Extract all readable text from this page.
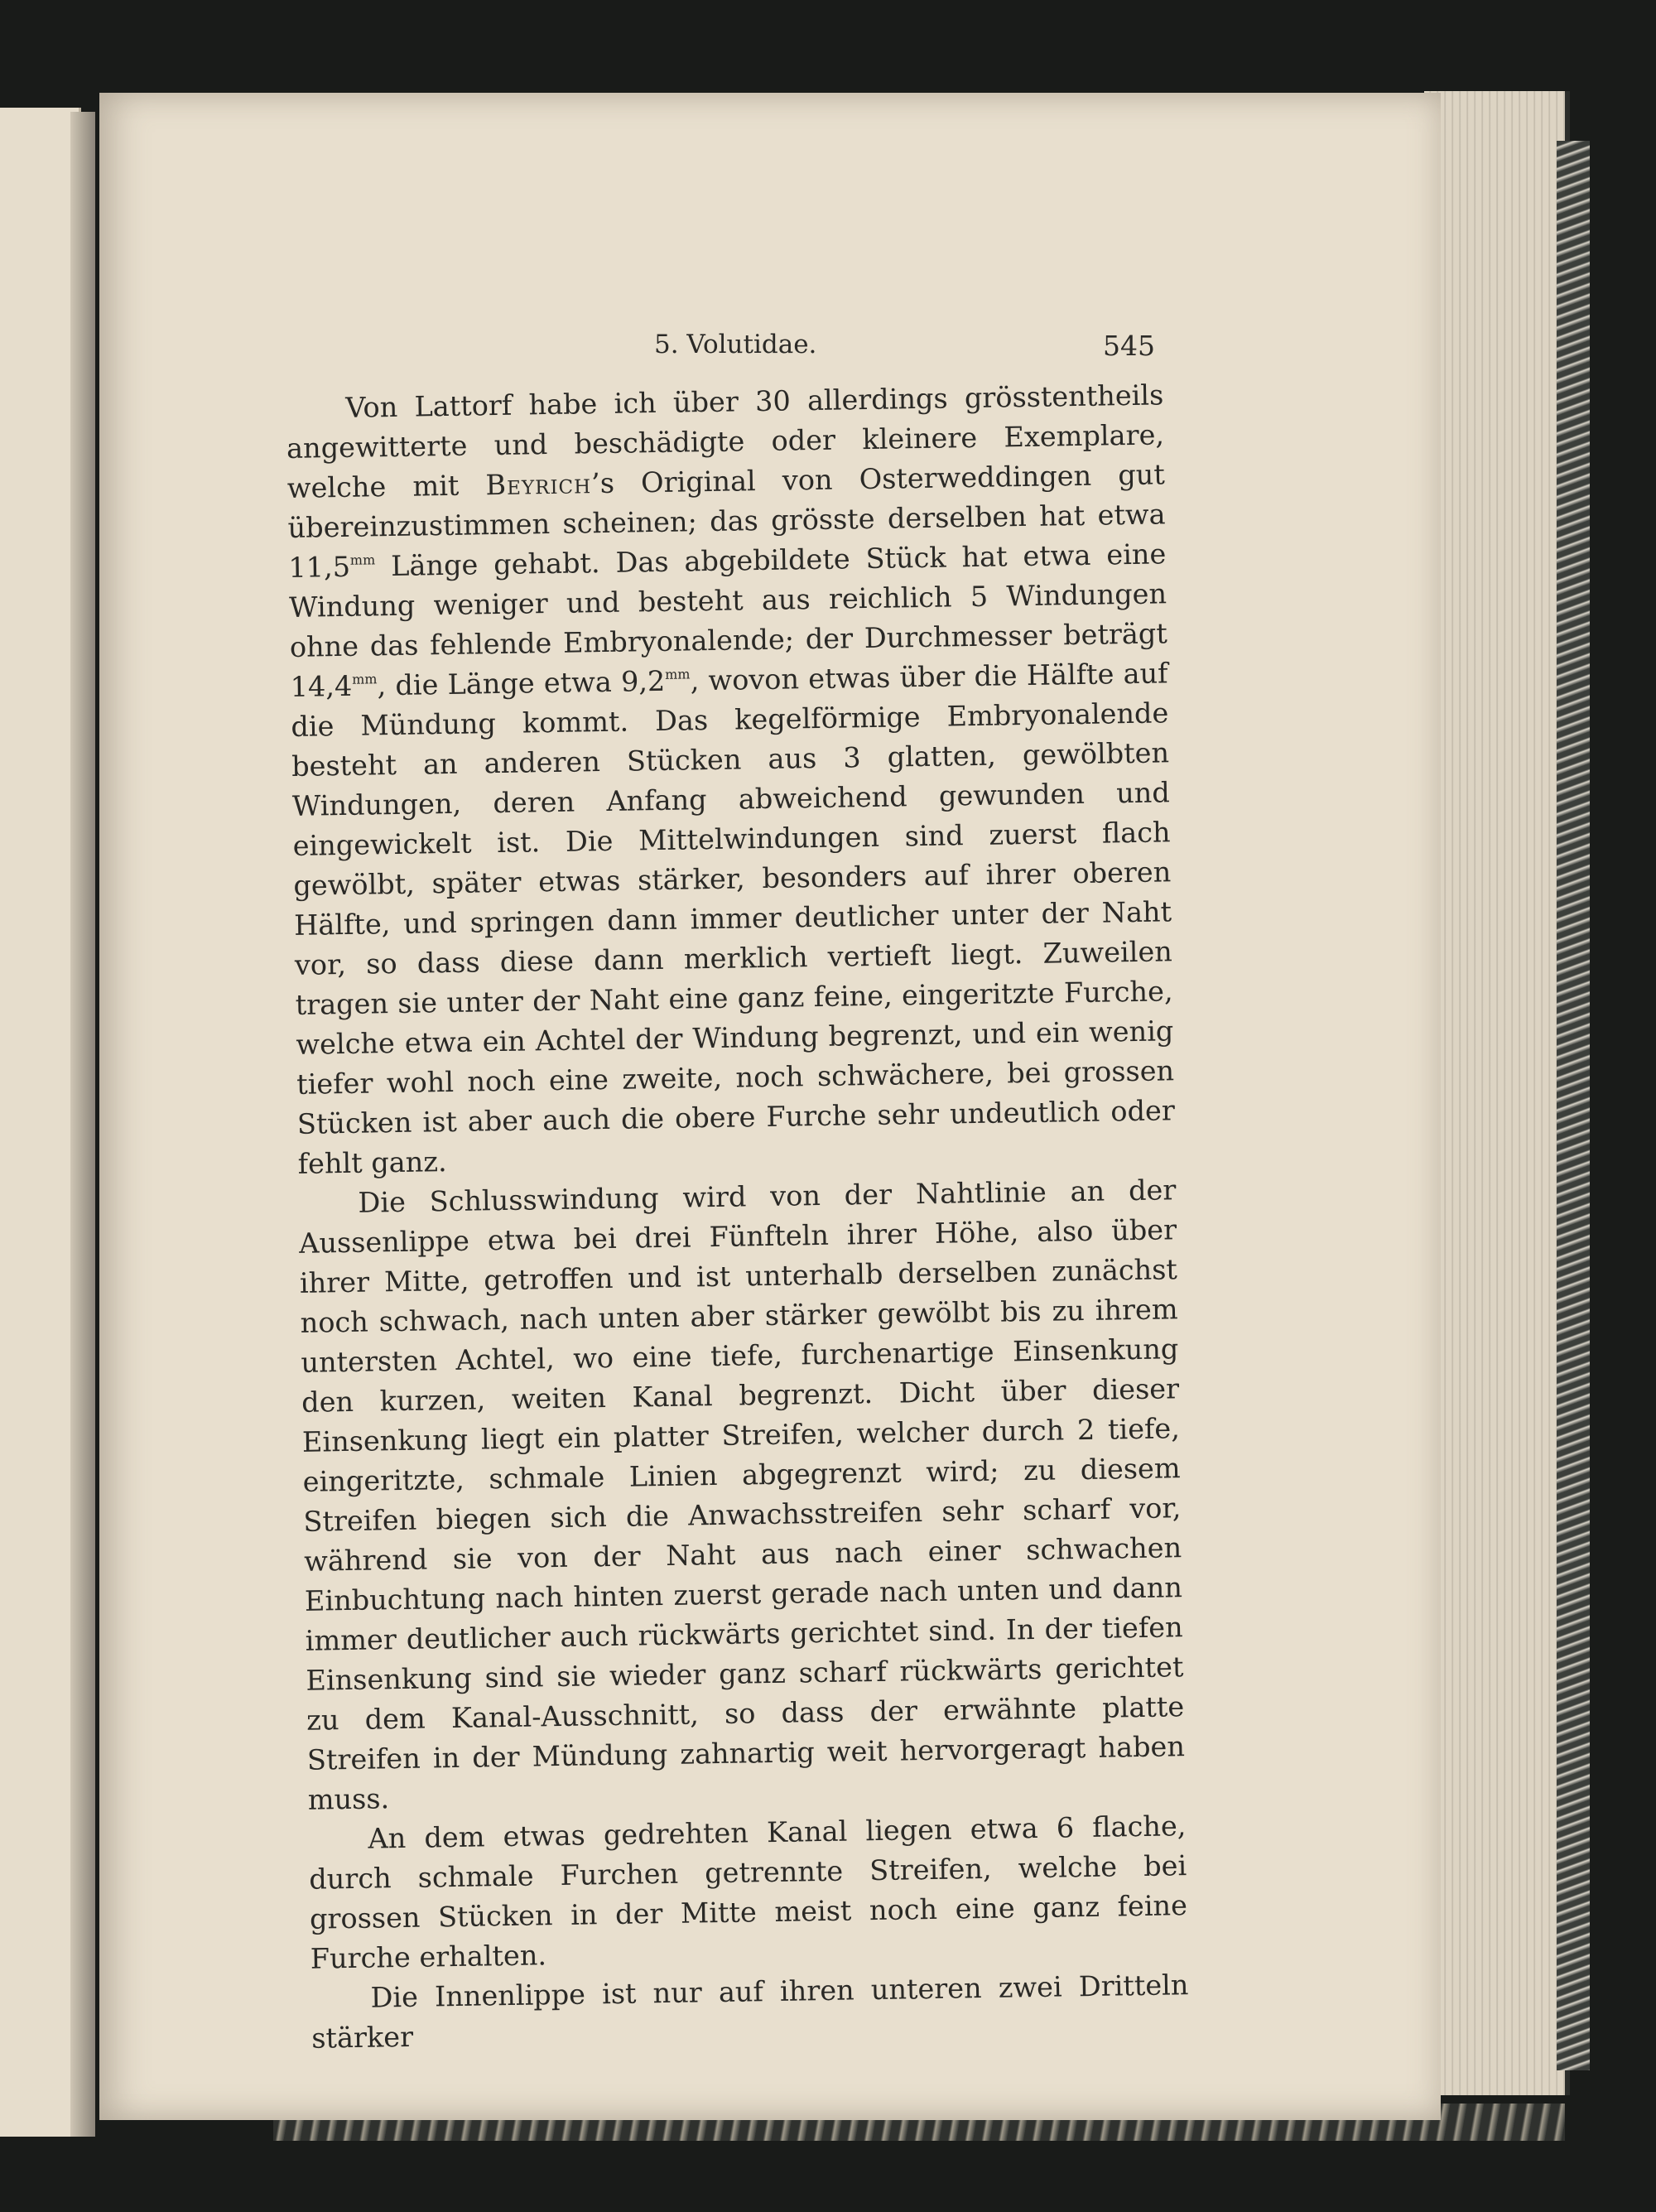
5. Volutidae.	545

Von Lattorf habe ich über 30 allerdings grösstentheils angewitterte und beschädigte oder kleinere Exemplare, welche mit Beyrich’s Original von Osterweddingen gut übereinzustimmen scheinen; das grösste derselben hat etwa $11,5^{mm}$ Länge gehabt. Das abgebildete Stück hat etwa eine Windung weniger und besteht aus reichlich 5 Windungen ohne das fehlende Embryonalende; der Durchmesser beträgt $14,4^{mm}$, die Länge etwa $9,2^{mm}$, wovon etwas über die Hälfte auf die Mündung kommt. Das kegelförmige Embryonalende besteht an anderen Stücken aus 3 glatten, gewölbten Windungen, deren Anfang abweichend gewunden und eingewickelt ist. Die Mittelwindungen sind zuerst flach gewölbt, später etwas stärker, besonders auf ihrer oberen Hälfte, und springen dann immer deutlicher unter der Naht vor, so dass diese dann merklich vertieft liegt. Zuweilen tragen sie unter der Naht eine ganz feine, eingeritzte Furche, welche etwa ein Achtel der Windung begrenzt, und ein wenig tiefer wohl noch eine zweite, noch schwächere, bei grossen Stücken ist aber auch die obere Furche sehr undeutlich oder fehlt ganz.

Die Schlusswindung wird von der Nahtlinie an der Aussenlippe etwa bei drei Fünfteln ihrer Höhe, also über ihrer Mitte, getroffen und ist unterhalb derselben zunächst noch schwach, nach unten aber stärker gewölbt bis zu ihrem untersten Achtel, wo eine tiefe, furchenartige Einsenkung den kurzen, weiten Kanal begrenzt. Dicht über dieser Einsenkung liegt ein platter Streifen, welcher durch 2 tiefe, eingeritzte, schmale Linien abgegrenzt wird; zu diesem Streifen biegen sich die Anwachsstreifen sehr scharf vor, während sie von der Naht aus nach einer schwachen Einbuchtung nach hinten zuerst gerade nach unten und dann immer deutlicher auch rückwärts gerichtet sind. In der tiefen Einsenkung sind sie wieder ganz scharf rückwärts gerichtet zu dem Kanal-Ausschnitt, so dass der erwähnte platte Streifen in der Mündung zahnartig weit hervorgeragt haben muss.

An dem etwas gedrehten Kanal liegen etwa 6 flache, durch schmale Furchen getrennte Streifen, welche bei grossen Stücken in der Mitte meist noch eine ganz feine Furche erhalten.

Die Innenlippe ist nur auf ihren unteren zwei Dritteln stärker
